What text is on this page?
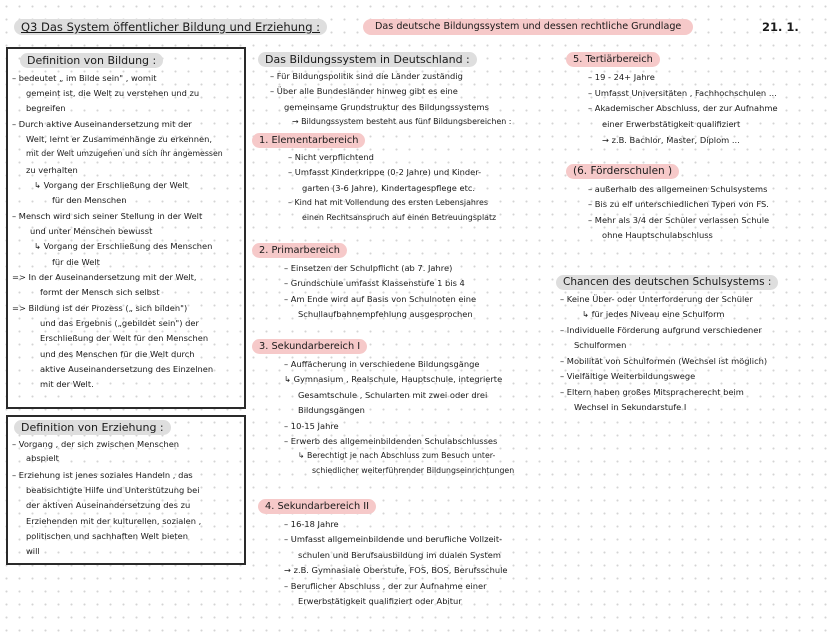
Q3 Das System öffentlicher Bildung und Erziehung :	Das deutsche Bildungssystem und dessen rechtliche Grundlage	21. 1.
Definition von Bildung :
– bedeutet „ im Bilde sein" , womit
gemeint ist, die Welt zu verstehen und zu
begreifen
– Durch aktive Auseinandersetzung mit der
Welt, lernt er Zusammenhänge zu erkennen,
mit der Welt umzugehen und sich ihr angemessen
zu verhalten
↳ Vorgang der Erschließung der Welt
für den Menschen
– Mensch wird sich seiner Stellung in der Welt
und unter Menschen bewusst
↳ Vorgang der Erschließung des Menschen
für die Welt
=> In der Auseinandersetzung mit der Welt,
formt der Mensch sich selbst
=> Bildung ist der Prozess („ sich bilden")
und das Ergebnis („gebildet sein") der
Erschließung der Welt für den Menschen
und des Menschen für die Welt durch
aktive Auseinandersetzung des Einzelnen
mit der Welt.
Definition von Erziehung :
– Vorgang , der sich zwischen Menschen
abspielt
– Erziehung ist jenes soziales Handeln , das
beabsichtigte Hilfe und Unterstützung bei
der aktiven Auseinandersetzung des zu
Erziehenden mit der kulturellen, sozialen ,
politischen und sachhaften Welt bieten
will
Das Bildungssystem in Deutschland :
– Für Bildungspolitik sind die Länder zuständig
– Über alle Bundesländer hinweg gibt es eine
gemeinsame Grundstruktur des Bildungssystems
→ Bildungssystem besteht aus fünf Bildungsbereichen :
1. Elementarbereich
– Nicht verpflichtend
– Umfasst Kinderkrippe (0-2 Jahre) und Kinder-
garten (3-6 Jahre), Kindertagespflege etc.
– Kind hat mit Vollendung des ersten Lebensjahres
einen Rechtsanspruch auf einen Betreuungsplatz
2. Primarbereich
– Einsetzen der Schulpflicht (ab 7. Jahre)
– Grundschule umfasst Klassenstufe 1 bis 4
– Am Ende wird auf Basis von Schulnoten eine
Schullaufbahnempfehlung ausgesprochen
3. Sekundarbereich I
– Auffächerung in verschiedene Bildungsgänge
↳ Gymnasium , Realschule, Hauptschule, integrierte
Gesamtschule , Schularten mit zwei oder drei
Bildungsgängen
– 10-15 Jahre
– Erwerb des allgemeinbildenden Schulabschlusses
↳ Berechtigt je nach Abschluss zum Besuch unter-
schiedlicher weiterführender Bildungseinrichtungen
4. Sekundarbereich II
– 16-18 Jahre
– Umfasst allgemeinbildende und berufliche Vollzeit-
schulen und Berufsausbildung im dualen System
→ z.B. Gymnasiale Oberstufe, FOS, BOS, Berufsschule
– Beruflicher Abschluss , der zur Aufnahme einer
Erwerbstätigkeit qualifiziert oder Abitur
5. Tertiärbereich
– 19 - 24+ Jahre
– Umfasst Universitäten , Fachhochschulen ...
– Akademischer Abschluss, der zur Aufnahme
einer Erwerbstätigkeit qualifiziert
→ z.B. Bachlor, Master, Diplom ...
(6. Förderschulen )
– außerhalb des allgemeinen Schulsystems
– Bis zu elf unterschiedlichen Typen von FS.
– Mehr als 3/4 der Schüler verlassen Schule
ohne Hauptschulabschluss
Chancen des deutschen Schulsystems :
– Keine Über- oder Unterforderung der Schüler
↳ für jedes Niveau eine Schulform
– Individuelle Förderung aufgrund verschiedener
Schulformen
– Mobilität von Schulformen (Wechsel ist möglich)
– Vielfältige Weiterbildungswege
– Eltern haben großes Mitspracherecht beim
Wechsel in Sekundarstufe I
